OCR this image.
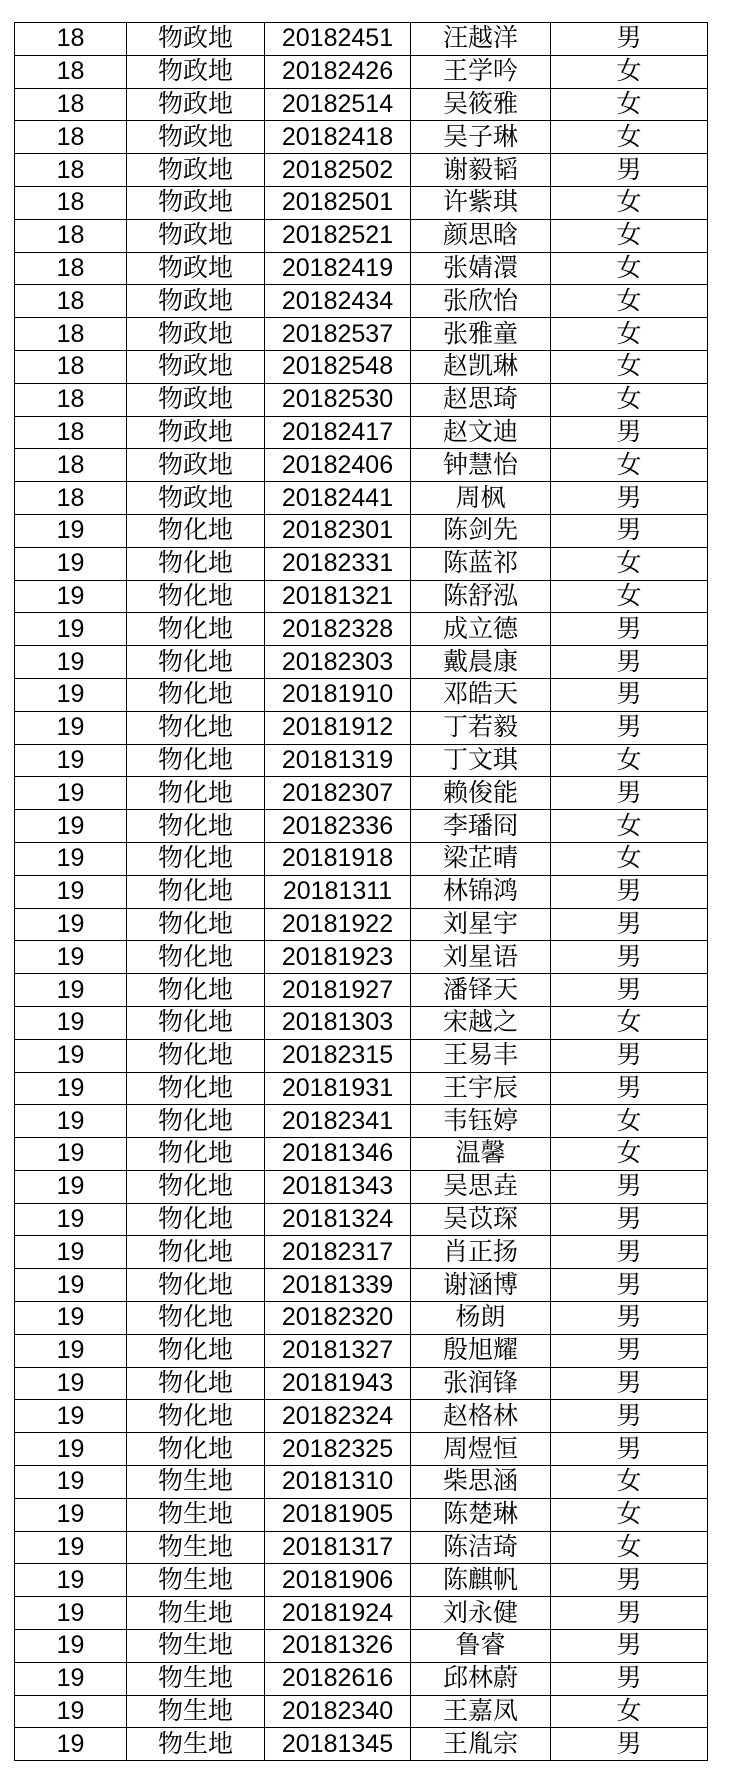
18	物政地	20182451	汪越洋	男
18	物政地	20182426	王学吟	女
18	物政地	20182514	吴筱雅	女
18	物政地	20182418	吴子琳	女
18	物政地	20182502	谢毅韬	男
18	物政地	20182501	许紫琪	女
18	物政地	20182521	颜思晗	女
18	物政地	20182419	张婧澴	女
18	物政地	20182434	张欣怡	女
18	物政地	20182537	张雅童	女
18	物政地	20182548	赵凯琳	女
18	物政地	20182530	赵思琦	女
18	物政地	20182417	赵文迪	男
18	物政地	20182406	钟慧怡	女
18	物政地	20182441	周枫	男
19	物化地	20182301	陈剑先	男
19	物化地	20182331	陈蓝祁	女
19	物化地	20181321	陈舒泓	女
19	物化地	20182328	成立德	男
19	物化地	20182303	戴晨康	男
19	物化地	20181910	邓皓天	男
19	物化地	20181912	丁若毅	男
19	物化地	20181319	丁文琪	女
19	物化地	20182307	赖俊能	男
19	物化地	20182336	李璠冏	女
19	物化地	20181918	梁芷晴	女
19	物化地	20181311	林锦鸿	男
19	物化地	20181922	刘星宇	男
19	物化地	20181923	刘星语	男
19	物化地	20181927	潘铎天	男
19	物化地	20181303	宋越之	女
19	物化地	20182315	王易丰	男
19	物化地	20181931	王宇辰	男
19	物化地	20182341	韦钰婷	女
19	物化地	20181346	温馨	女
19	物化地	20181343	吴思垚	男
19	物化地	20181324	吴苡琛	男
19	物化地	20182317	肖正扬	男
19	物化地	20181339	谢涵博	男
19	物化地	20182320	杨朗	男
19	物化地	20181327	殷旭耀	男
19	物化地	20181943	张润锋	男
19	物化地	20182324	赵格林	男
19	物化地	20182325	周煜恒	男
19	物生地	20181310	柴思涵	女
19	物生地	20181905	陈楚琳	女
19	物生地	20181317	陈洁琦	女
19	物生地	20181906	陈麒帆	男
19	物生地	20181924	刘永健	男
19	物生地	20181326	鲁睿	男
19	物生地	20182616	邱林蔚	男
19	物生地	20182340	王嘉凤	女
19	物生地	20181345	王胤宗	男
